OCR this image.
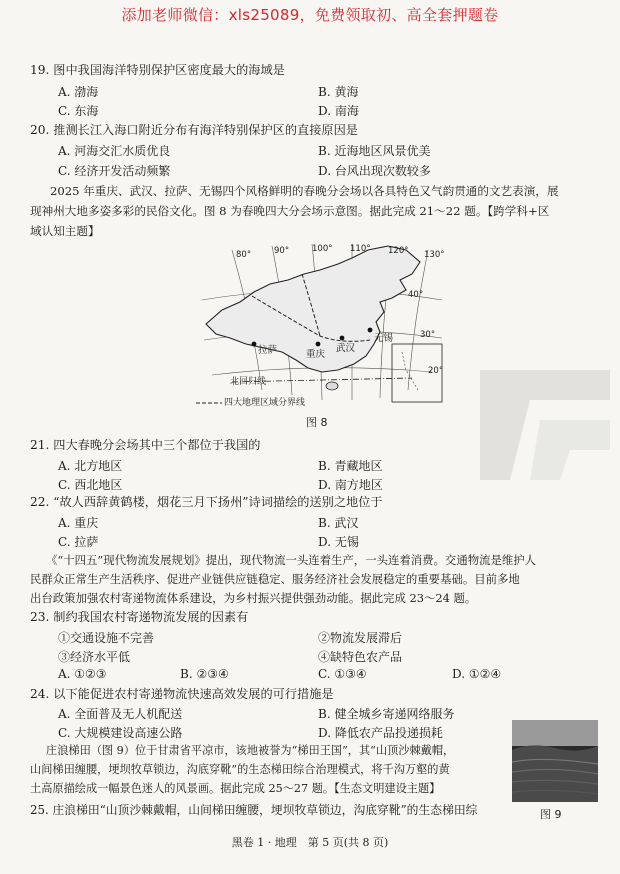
添加老师微信：xls25089，免费领取初、高全套押题卷
19. 图中我国海洋特别保护区密度最大的海域是
A. 渤海	B. 黄海
C. 东海	D. 南海
20. 推测长江入海口附近分布有海洋特别保护区的直接原因是
A. 河海交汇水质优良	B. 近海地区风景优美
C. 经济开发活动频繁	D. 台风出现次数较多
2025 年重庆、武汉、拉萨、无锡四个风格鲜明的春晚分会场以各具特色又气韵贯通的文艺表演，展
现神州大地多姿多彩的民俗文化。图 8 为春晚四大分会场示意图。据此完成 21～22 题。【跨学科+区
域认知主题】
拉萨	重庆
武汉
无锡
北回归线
四大地理区域分界线
80°	90°	100° 110° 120° 130°
40°
30°
20°
图 8
21. 四大春晚分会场其中三个都位于我国的
A. 北方地区	B. 青藏地区
C. 西北地区	D. 南方地区
22. “故人西辞黄鹤楼，烟花三月下扬州”诗词描绘的送别之地位于
A. 重庆	B. 武汉
C. 拉萨	D. 无锡
《“十四五”现代物流发展规划》提出，现代物流一头连着生产，一头连着消费。交通物流是维护人
民群众正常生产生活秩序、促进产业链供应链稳定、服务经济社会发展稳定的重要基础。目前多地
出台政策加强农村寄递物流体系建设，为乡村振兴提供强劲动能。据此完成 23～24 题。
23. 制约我国农村寄递物流发展的因素有
①交通设施不完善	②物流发展滞后
③经济水平低	④缺特色农产品
A. ①②③	B. ②③④	C. ①③④	D. ①②④
24. 以下能促进农村寄递物流快速高效发展的可行措施是
A. 全面普及无人机配送	B. 健全城乡寄递网络服务
C. 大规模建设高速公路	D. 降低农产品投递损耗
庄浪梯田（图 9）位于甘肃省平凉市，该地被誉为“梯田王国”，其“山顶沙棘戴帽，
山间梯田缠腰，埂坝牧草锁边，沟底穿靴”的生态梯田综合治理模式，将千沟万壑的黄
土高原描绘成一幅景色迷人的风景画。据此完成 25～27 题。【生态文明建设主题】
图 9
25. 庄浪梯田“山顶沙棘戴帽，山间梯田缠腰，埂坝牧草锁边，沟底穿靴”的生态梯田综
黑卷 1 · 地理　第 5 页(共 8 页)
